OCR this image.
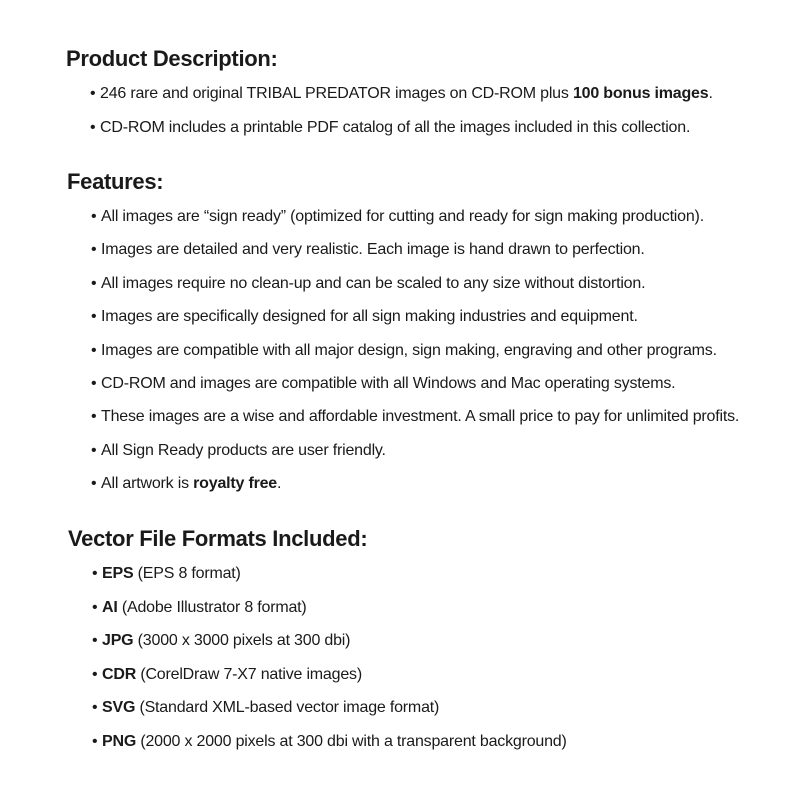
Product Description:
• 246 rare and original TRIBAL PREDATOR images on CD-ROM plus 100 bonus images.
• CD-ROM includes a printable PDF catalog of all the images included in this collection.
Features:
• All images are “sign ready” (optimized for cutting and ready for sign making production).
• Images are detailed and very realistic. Each image is hand drawn to perfection.
• All images require no clean-up and can be scaled to any size without distortion.
• Images are specifically designed for all sign making industries and equipment.
• Images are compatible with all major design, sign making, engraving and other programs.
• CD-ROM and images are compatible with all Windows and Mac operating systems.
• These images are a wise and affordable investment. A small price to pay for unlimited profits.
• All Sign Ready products are user friendly.
• All artwork is royalty free.
Vector File Formats Included:
• EPS (EPS 8 format)
• AI (Adobe Illustrator 8 format)
• JPG (3000 x 3000 pixels at 300 dbi)
• CDR (CorelDraw 7-X7 native images)
• SVG (Standard XML-based vector image format)
• PNG (2000 x 2000 pixels at 300 dbi with a transparent background)
